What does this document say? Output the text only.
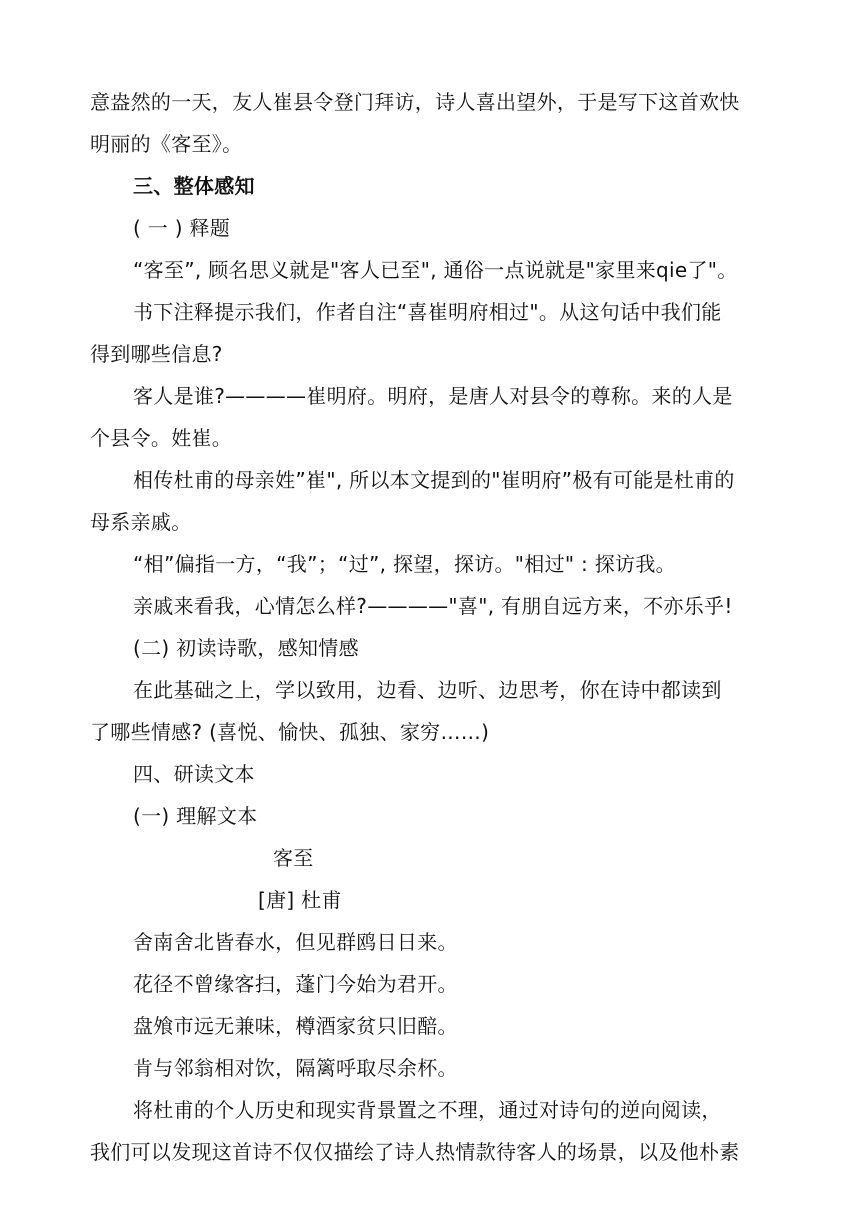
意盎然的一天，友人崔县令登门拜访，诗人喜出望外，于是写下这首欢快
明丽的《客至》。
三、整体感知
( 一 ) 释题
“客至”, 顾名思义就是"客人已至", 通俗一点说就是"家里来qie了"。
书下注释提示我们，作者自注“喜崔明府相过"。从这句话中我们能
得到哪些信息?
客人是谁?————崔明府。明府，是唐人对县令的尊称。来的人是
个县令。姓崔。
相传杜甫的母亲姓”崔", 所以本文提到的"崔明府”极有可能是杜甫的
母系亲戚。
“相”偏指一方，“我”；“过”, 探望，探访。"相过" : 探访我。
亲戚来看我，心情怎么样?————"喜", 有朋自远方来，不亦乐乎!
(二) 初读诗歌，感知情感
在此基础之上，学以致用，边看、边听、边思考，你在诗中都读到
了哪些情感? (喜悦、愉快、孤独、家穷……)
四、研读文本
(一) 理解文本
客至
[唐] 杜甫
舍南舍北皆春水，但见群鸥日日来。
花径不曾缘客扫，蓬门今始为君开。
盘飧市远无兼味，樽酒家贫只旧醅。
肯与邻翁相对饮，隔篱呼取尽余杯。
将杜甫的个人历史和现实背景置之不理，通过对诗句的逆向阅读，
我们可以发现这首诗不仅仅描绘了诗人热情款待客人的场景，以及他朴素
